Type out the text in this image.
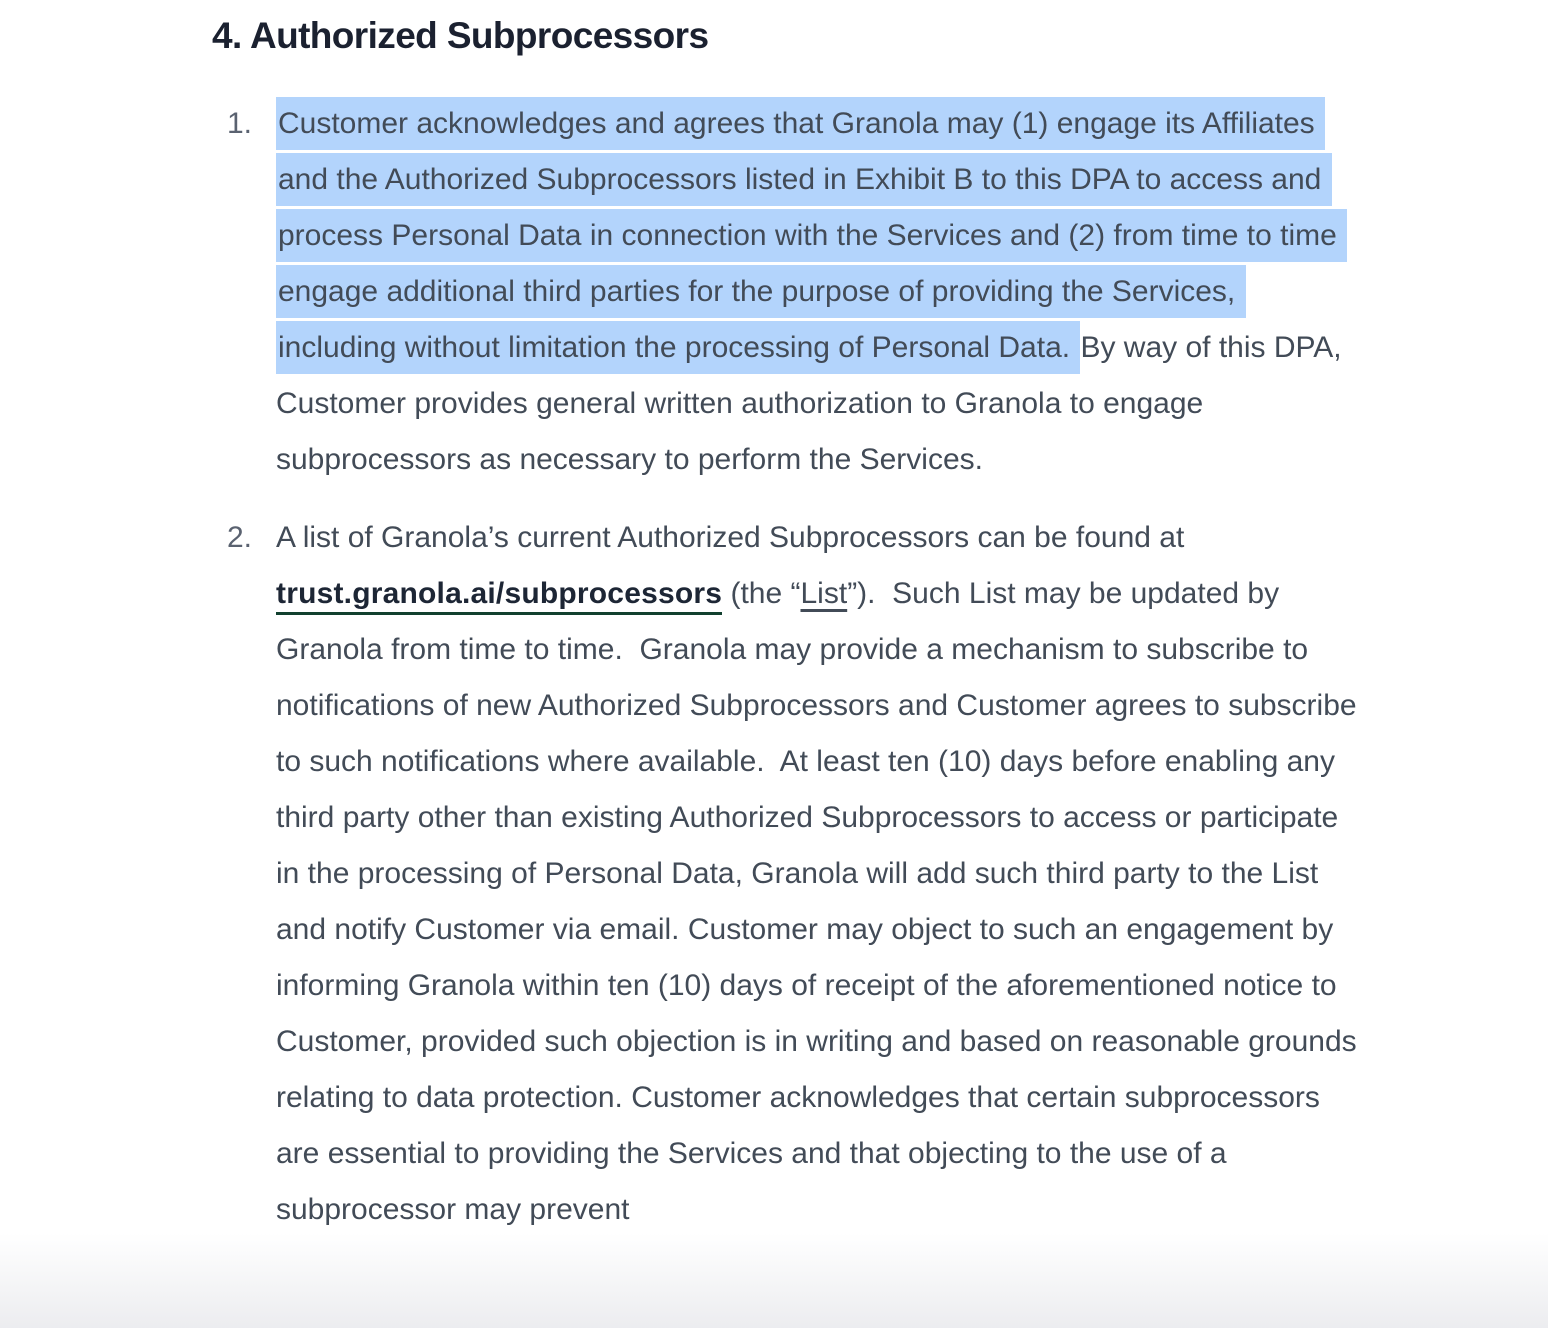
4. Authorized Subprocessors
1. Customer acknowledges and agrees that Granola may (1) engage its Affiliates and the Authorized Subprocessors listed in Exhibit B to this DPA to access and process Personal Data in connection with the Services and (2) from time to time engage additional third parties for the purpose of providing the Services, including without limitation the processing of Personal Data. By way of this DPA, Customer provides general written authorization to Granola to engage subprocessors as necessary to perform the Services.

2. A list of Granola’s current Authorized Subprocessors can be found at trust.granola.ai/subprocessors (the “List”).  Such List may be updated by Granola from time to time.  Granola may provide a mechanism to subscribe to notifications of new Authorized Subprocessors and Customer agrees to subscribe to such notifications where available.  At least ten (10) days before enabling any third party other than existing Authorized Subprocessors to access or participate in the processing of Personal Data, Granola will add such third party to the List and notify Customer via email. Customer may object to such an engagement by informing Granola within ten (10) days of receipt of the aforementioned notice to Customer, provided such objection is in writing and based on reasonable grounds relating to data protection. Customer acknowledges that certain subprocessors are essential to providing the Services and that objecting to the use of a subprocessor may prevent
